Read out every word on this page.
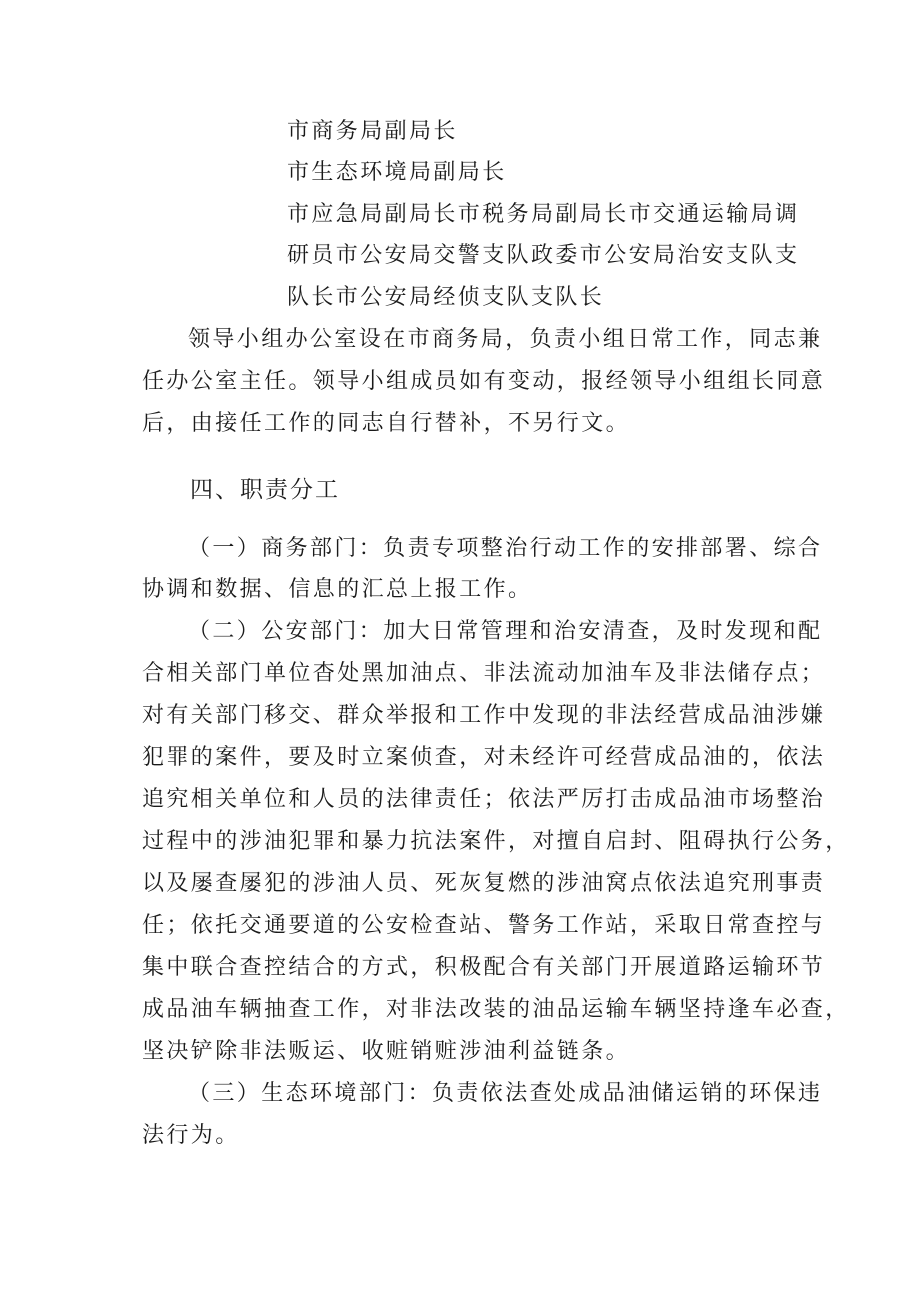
市商务局副局长
市生态环境局副局长
市应急局副局长市税务局副局长市交通运输局调
研员市公安局交警支队政委市公安局治安支队支
队长市公安局经侦支队支队长
领导小组办公室设在市商务局，负责小组日常工作，同志兼
任办公室主任。领导小组成员如有变动，报经领导小组组长同意
后，由接任工作的同志自行替补，不另行文。
四、职责分工
（一）商务部门：负责专项整治行动工作的安排部署、综合
协调和数据、信息的汇总上报工作。
（二）公安部门：加大日常管理和治安清查，及时发现和配
合相关部门单位杳处黑加油点、非法流动加油车及非法储存点；
对有关部门移交、群众举报和工作中发现的非法经营成品油涉嫌
犯罪的案件，要及时立案侦查，对未经许可经营成品油的，依法
追究相关单位和人员的法律责任；依法严厉打击成品油市场整治
过程中的涉油犯罪和暴力抗法案件，对擅自启封、阻碍执行公务，
以及屡查屡犯的涉油人员、死灰复燃的涉油窝点依法追究刑事责
任；依托交通要道的公安检查站、警务工作站，采取日常查控与
集中联合查控结合的方式，积极配合有关部门开展道路运输环节
成品油车辆抽查工作，对非法改装的油品运输车辆坚持逢车必查，
坚决铲除非法贩运、收赃销赃涉油利益链条。
（三）生态环境部门：负责依法查处成品油储运销的环保违
法行为。
